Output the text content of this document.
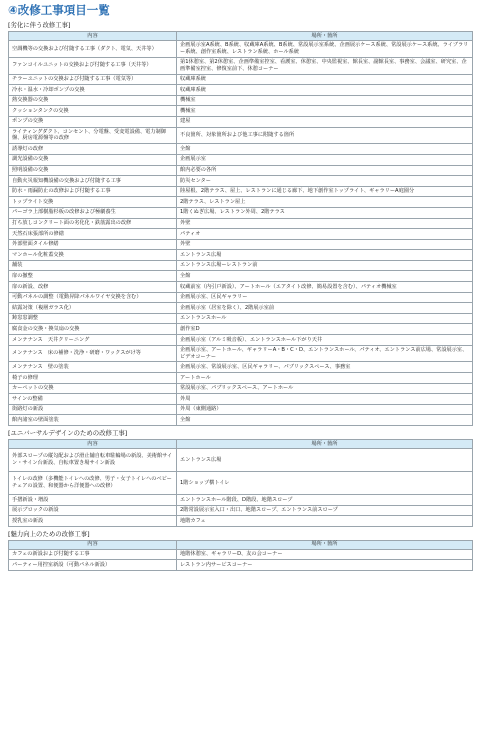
④改修工事項目一覧
[劣化に伴う改修工事]
内容	場所・箇所
空調機等の交換および付随する工事（ダクト、電気、天井等）	企画展示室A系統、B系統、収蔵庫A系統、B系統、常設展示室系統、企画展示ケース系統、常設展示ケース系統、ライブラリー系統、創作室系統、レストラン系統、ホール系統
ファンコイルユニットの交換および付随する工事（天井等）	第1休憩室、第2休憩室、企画準備室控室、看護室、休憩室、中央監視室、館長室、副館長室、事務室、会議室、研究室、企画準備室控室、修復室前下、休憩コーナー
チラーユニットの交換および付随する工事（電気等）	収蔵庫系統
冷水・温水・冷却ポンプの交換	収蔵庫系統
熱交換器の交換	機械室
クッションタンクの交換	機械室
ポンプの交換	建屋
ライティングダクト、コンセント、分電盤、受変電設備、電力制御盤、厨房電源盤等の改修	不良箇所、対象箇所および他工事に附随する箇所
誘導灯の改修	全館
調光設備の交換	企画展示室
照明設備の交換	館内必要の各所
自動火災報知機設備の交換および付随する工事	防災センター
防水・雨漏防止の改修および付随する工事	陸屋根、2階テラス、屋上、レストランに通じる廊下、地下創作室トップライト、ギャラリーA庭園分
トップライト交換	2階テラス、レストラン屋上
パーゴラ上部樹脂杉板の改修および極劇養生	1階くぬぎ広場、レストラン外周、2階テラス
打ち放しコンクリート面の劣化化・鉄筋露出の改修	外壁
天然石床張部所の修繕	パティオ
外部壁面タイル修繕	外壁
マンホール化粧蓋交換	エントランス広場
舗装	エントランス広場ーレストラン前
扉の撤整	全館
扉の新設、改修	収蔵前室（内引戸新設）、アートホール（エアタイト改修、簡易設置を含む）、パティオ機械室
可動パネルの調整（電動昇降パネルワイヤ交換を含む）	企画展示室、区民ギャラリー
結露対策（複層ガラス化）	企画展示室（居室を除く）、2階展示室前
鋳窓窓調整	エントランスホール
腐食金の交換・換気扇の交換	創作室D
メンテナンス　天井クリーニング	企画展示室（アルミ吸音板）、エントランスホール下がり天井
メンテナンス　床の補修・洗浄・研磨・ワックスがけ等	企画展示室、アートホール、ギャラリーA・B・C・D、エントランスホール、パティオ、エントランス前広場、常設展示室、ビデオコーナー
メンテナンス　壁の塗装	企画展示室、常設展示室、区民ギャラリー、パブリックスペース、事務室
椅子の修理	アートホール
カーペットの交換	常設展示室、パブリックスペース、アートホール
サインの整備	外周
街路灯の新設	外周（東側通路）
館内諸室の壁面塗装	全館
[ユニバーサルデザインのための改修工事]
内容	場所・箇所
外部スロープの縦勾配および滑止舗自転車駐輪場の新設、美術館サイン・サイン台新設、自転車置き場サイン新設	エントランス広場
トイレの改修（多機能トイレへの改修、男子・女子トイレへのベビーチェアの設置、和便器から洋便器への改修）	1階ショップ横トイレ
手摺新設・増設	エントランスホール階段、D階段、地階スロープ
展示ブロックの新設	2階常設展示室入口・出口、地階スロープ、エントランス前スロープ
授乳室の新設	地階カフェ
[魅力向上のための改修工事]
内容	場所・箇所
カフェの新設および付随する工事	地階休憩室、ギャラリーD、友の会コーナー
パーティー用控室新設（可動パネル新設）	レストラン内サービスコーナー
